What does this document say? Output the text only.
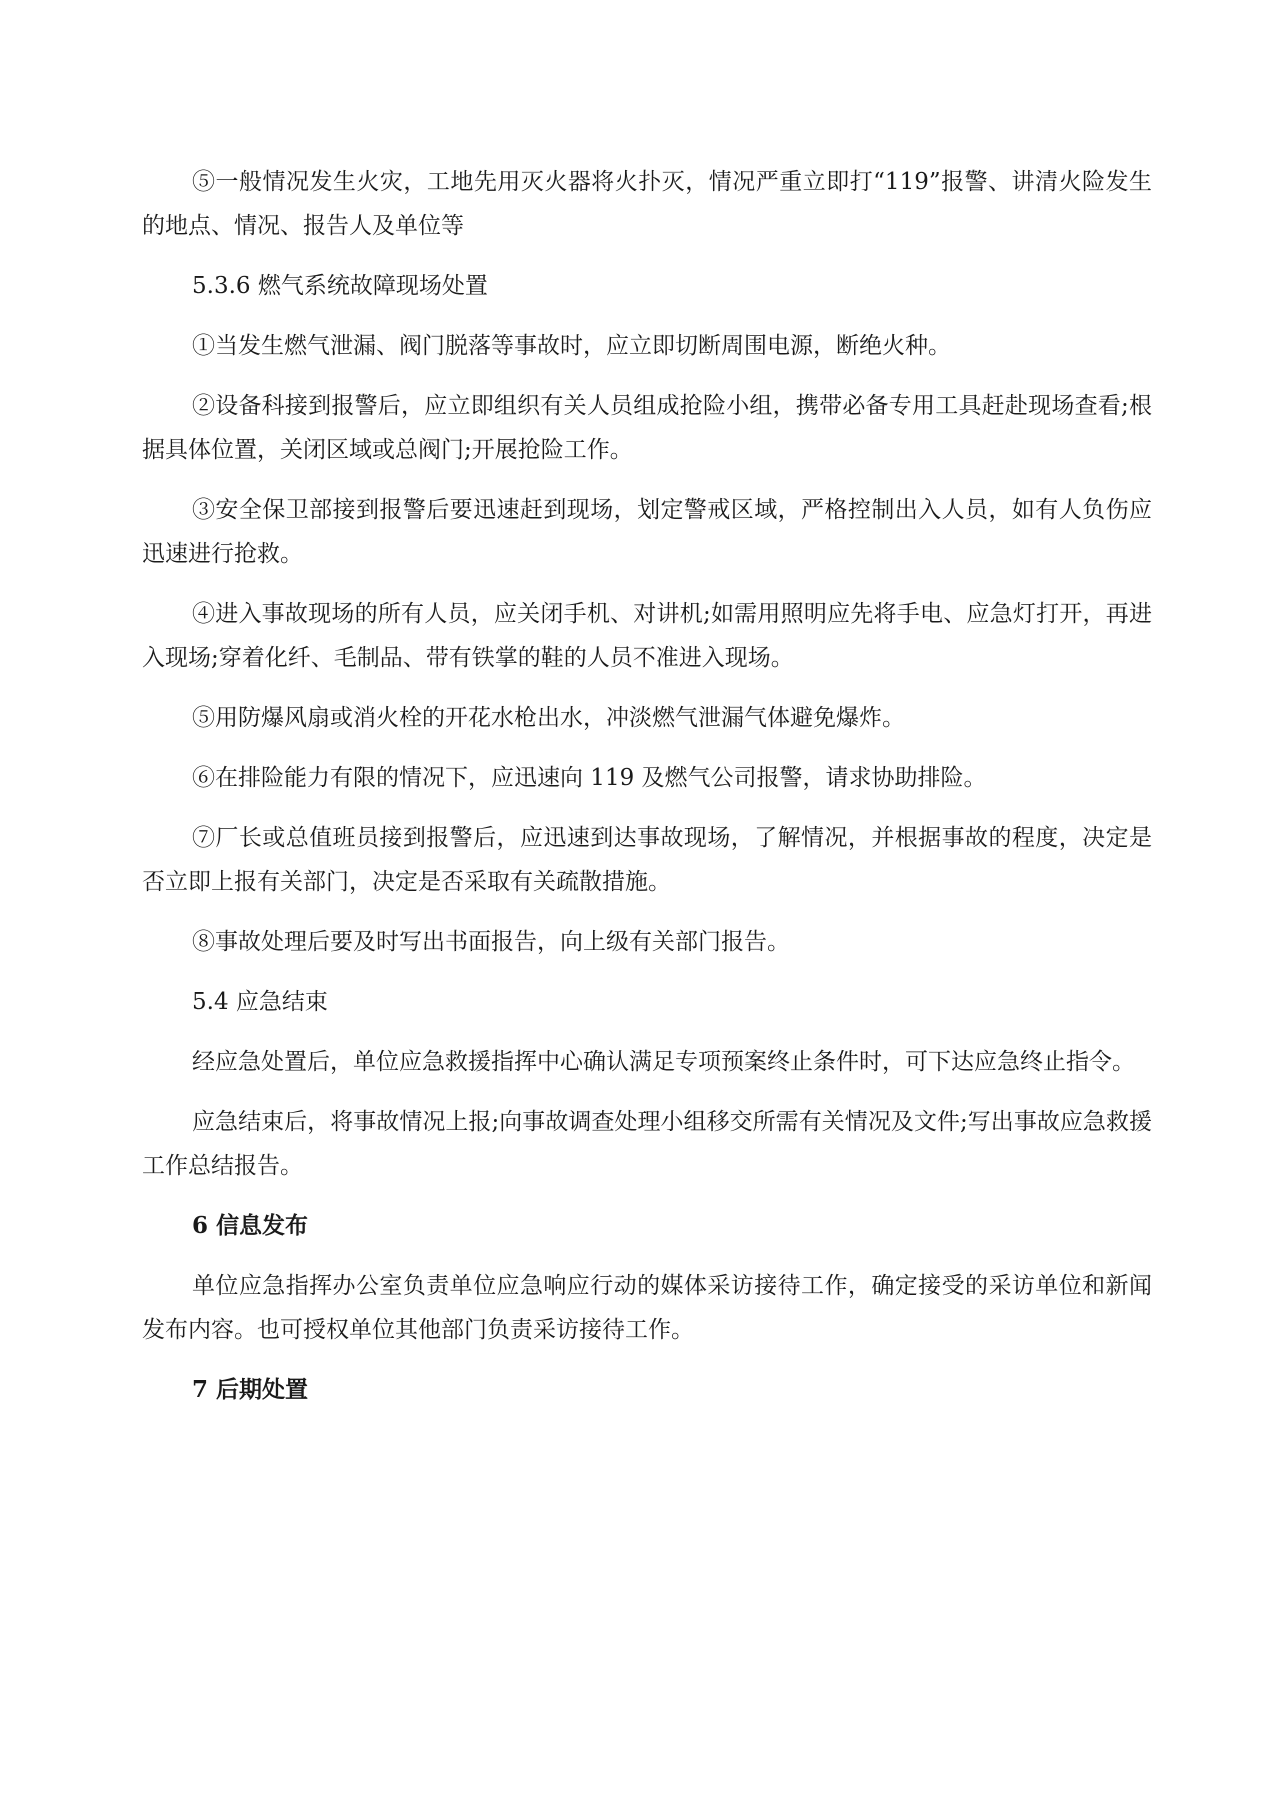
⑤一般情况发生火灾，工地先用灭火器将火扑灭，情况严重立即打“119”报警、讲清火险发生的地点、情况、报告人及单位等

5.3.6 燃气系统故障现场处置

①当发生燃气泄漏、阀门脱落等事故时，应立即切断周围电源，断绝火种。

②设备科接到报警后，应立即组织有关人员组成抢险小组，携带必备专用工具赶赴现场查看;根据具体位置，关闭区域或总阀门;开展抢险工作。

③安全保卫部接到报警后要迅速赶到现场，划定警戒区域，严格控制出入人员，如有人负伤应迅速进行抢救。

④进入事故现场的所有人员，应关闭手机、对讲机;如需用照明应先将手电、应急灯打开，再进入现场;穿着化纤、毛制品、带有铁掌的鞋的人员不准进入现场。

⑤用防爆风扇或消火栓的开花水枪出水，冲淡燃气泄漏气体避免爆炸。

⑥在排险能力有限的情况下，应迅速向 119 及燃气公司报警，请求协助排险。

⑦厂长或总值班员接到报警后，应迅速到达事故现场，了解情况，并根据事故的程度，决定是否立即上报有关部门，决定是否采取有关疏散措施。

⑧事故处理后要及时写出书面报告，向上级有关部门报告。

5.4 应急结束

经应急处置后，单位应急救援指挥中心确认满足专项预案终止条件时，可下达应急终止指令。

应急结束后，将事故情况上报;向事故调查处理小组移交所需有关情况及文件;写出事故应急救援工作总结报告。

6 信息发布

单位应急指挥办公室负责单位应急响应行动的媒体采访接待工作，确定接受的采访单位和新闻发布内容。也可授权单位其他部门负责采访接待工作。

7 后期处置
